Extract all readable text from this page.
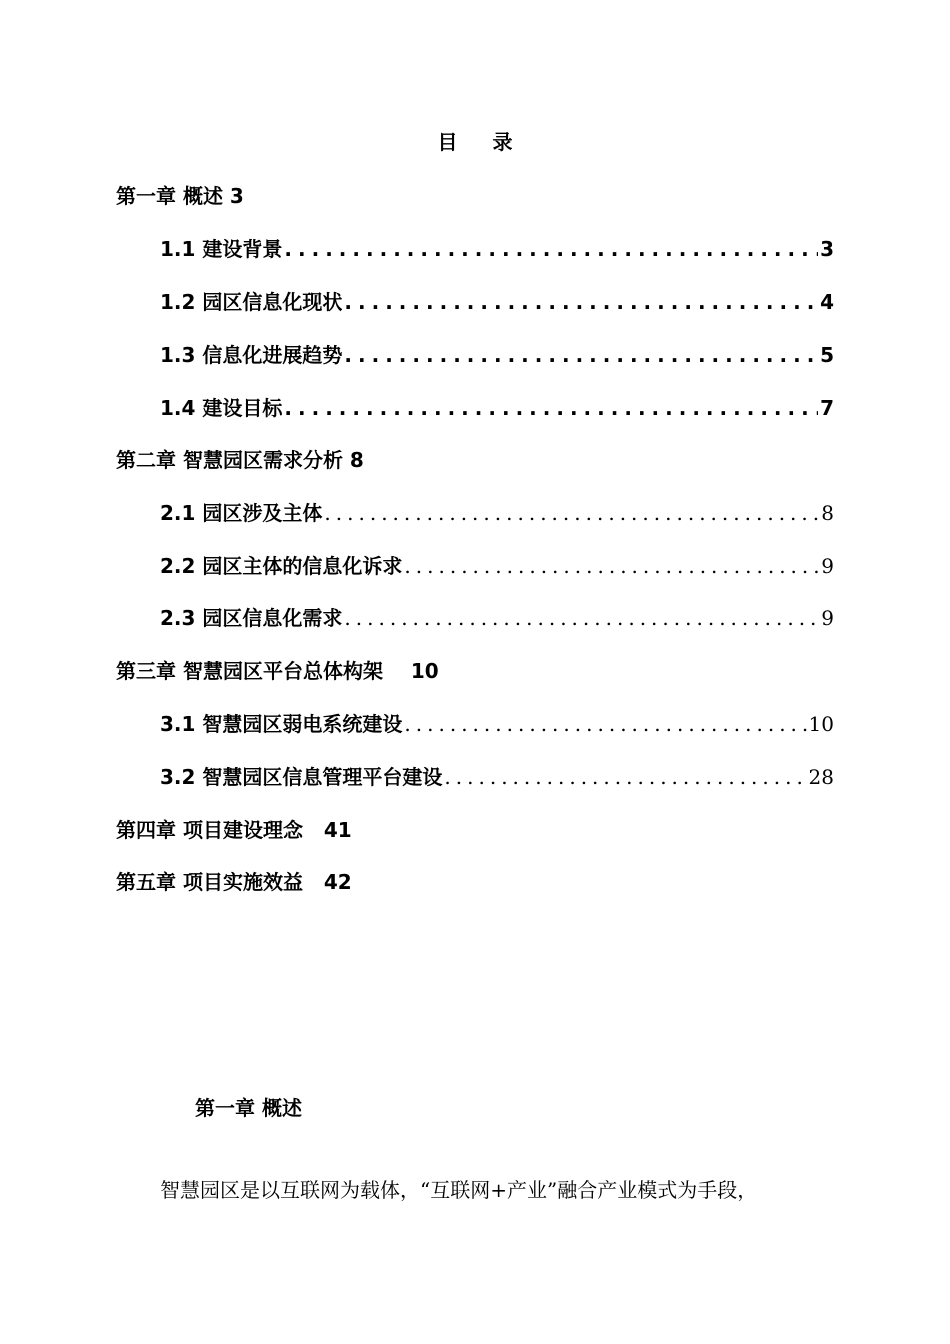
目 录
第一章 概述 3
1.1 建设背景 .....	3
1.2 园区信息化现状 .....	4
1.3 信息化进展趋势 .....	5
1.4 建设目标 .....	7
第二章 智慧园区需求分析 8
2.1 园区涉及主体 .....	8
2.2 园区主体的信息化诉求 .....	9
2.3 园区信息化需求 .....	9
第三章 智慧园区平台总体构架    10
3.1 智慧园区弱电系统建设 .....	10
3.2 智慧园区信息管理平台建设 .....	28
第四章 项目建设理念   41
第五章 项目实施效益   42
第一章 概述
智慧园区是以互联网为载体，“互联网+产业”融合产业模式为手段，
